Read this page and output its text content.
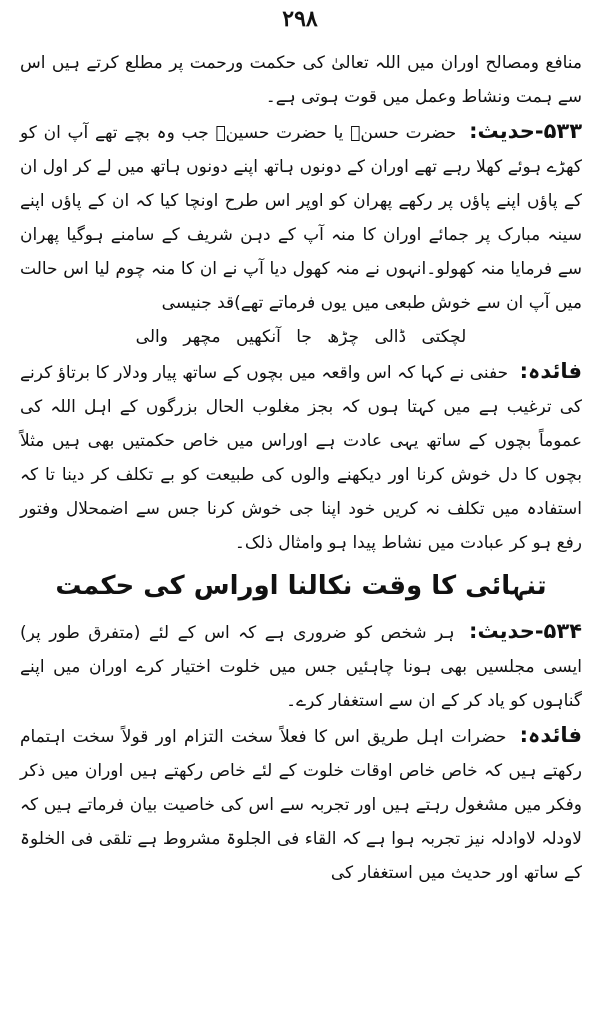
۲۹۸

منافع ومصالح اوران میں اللہ تعالیٰ کی حکمت ورحمت پر مطلع کرتے ہیں اس سے ہمت ونشاط وعمل میں قوت ہوتی ہے۔

۵۳۳-حدیث: حضرت حسنؓ یا حضرت حسینؓ جب وہ بچے تھے آپ ان کو کھڑے ہوئے کھلا رہے تھے اوران کے دونوں ہاتھ اپنے دونوں ہاتھ میں لے کر اول ان کے پاؤں اپنے پاؤں پر رکھے پھران کو اوپر اس طرح اونچا کیا کہ ان کے پاؤں اپنے سینہ مبارک پر جمائے اوران کا منہ آپ کے دہن شریف کے سامنے ہوگیا پھران سے فرمایا منہ کھولو۔انہوں نے منہ کھول دیا آپ نے ان کا منہ چوم لیا اس حالت میں آپ ان سے خوش طبعی میں یوں فرماتے تھے)قد جنیسی

لچکتی ڈالی چڑھ جا آنکھیں مچھر والی

فائدہ: حفنی نے کہا کہ اس واقعہ میں بچوں کے ساتھ پیار ودلار کا برتاؤ کرنے کی ترغیب ہے میں کہتا ہوں کہ بجز مغلوب الحال بزرگوں کے اہل اللہ کی عموماً بچوں کے ساتھ یہی عادت ہے اوراس میں خاص حکمتیں بھی ہیں مثلاً بچوں کا دل خوش کرنا اور دیکھنے والوں کی طبیعت کو بے تکلف کر دینا تا کہ استفادہ میں تکلف نہ کریں خود اپنا جی خوش کرنا جس سے اضمحلال وفتور رفع ہو کر عبادت میں نشاط پیدا ہو وامثال ذلک۔

تنہائی کا وقت نکالنا اوراس کی حکمت

۵۳۴-حدیث: ہر شخص کو ضروری ہے کہ اس کے لئے (متفرق طور پر) ایسی مجلسیں بھی ہونا چاہئیں جس میں خلوت اختیار کرے اوران میں اپنے گناہوں کو یاد کر کے ان سے استغفار کرے۔

فائدہ: حضرات اہل طریق اس کا فعلاً سخت التزام اور قولاً سخت اہتمام رکھتے ہیں کہ خاص خاص اوقات خلوت کے لئے خاص رکھتے ہیں اوران میں ذکر وفکر میں مشغول رہتے ہیں اور تجربہ سے اس کی خاصیت بیان فرماتے ہیں کہ لاودلہ لاوادلہ نیز تجربہ ہوا ہے کہ القاء فی الجلوۃ مشروط ہے تلقی فی الخلوۃ کے ساتھ اور حدیث میں استغفار کی
